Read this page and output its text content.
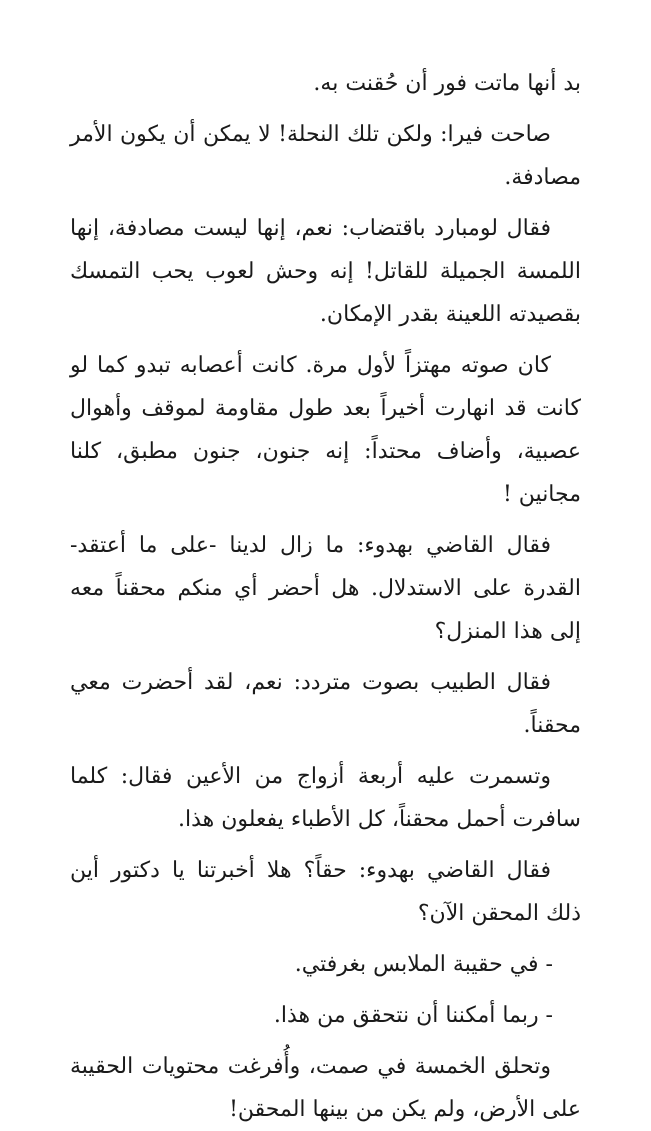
بد أنها ماتت فور أن حُقنت به.

صاحت فيرا: ولكن تلك النحلة! لا يمكن أن يكون الأمر مصادفة.

فقال لومبارد باقتضاب: نعم، إنها ليست مصادفة، إنها اللمسة الجميلة للقاتل! إنه وحش لعوب يحب التمسك بقصيدته اللعينة بقدر الإمكان.

كان صوته مهتزاً لأول مرة. كانت أعصابه تبدو كما لو كانت قد انهارت أخيراً بعد طول مقاومة لموقف وأهوال عصبية، وأضاف محتداً: إنه جنون، جنون مطبق، كلنا مجانين !

فقال القاضي بهدوء: ما زال لدينا -على ما أعتقد- القدرة على الاستدلال. هل أحضر أي منكم محقناً معه إلى هذا المنزل؟

فقال الطبيب بصوت متردد: نعم، لقد أحضرت معي محقناً.

وتسمرت عليه أربعة أزواج من الأعين فقال: كلما سافرت أحمل محقناً، كل الأطباء يفعلون هذا.

فقال القاضي بهدوء: حقاً؟ هلا أخبرتنا يا دكتور أين ذلك المحقن الآن؟

- في حقيبة الملابس بغرفتي.

- ربما أمكننا أن نتحقق من هذا.

وتحلق الخمسة في صمت، وأُفرغت محتويات الحقيبة على الأرض، ولم يكن من بينها المحقن!
